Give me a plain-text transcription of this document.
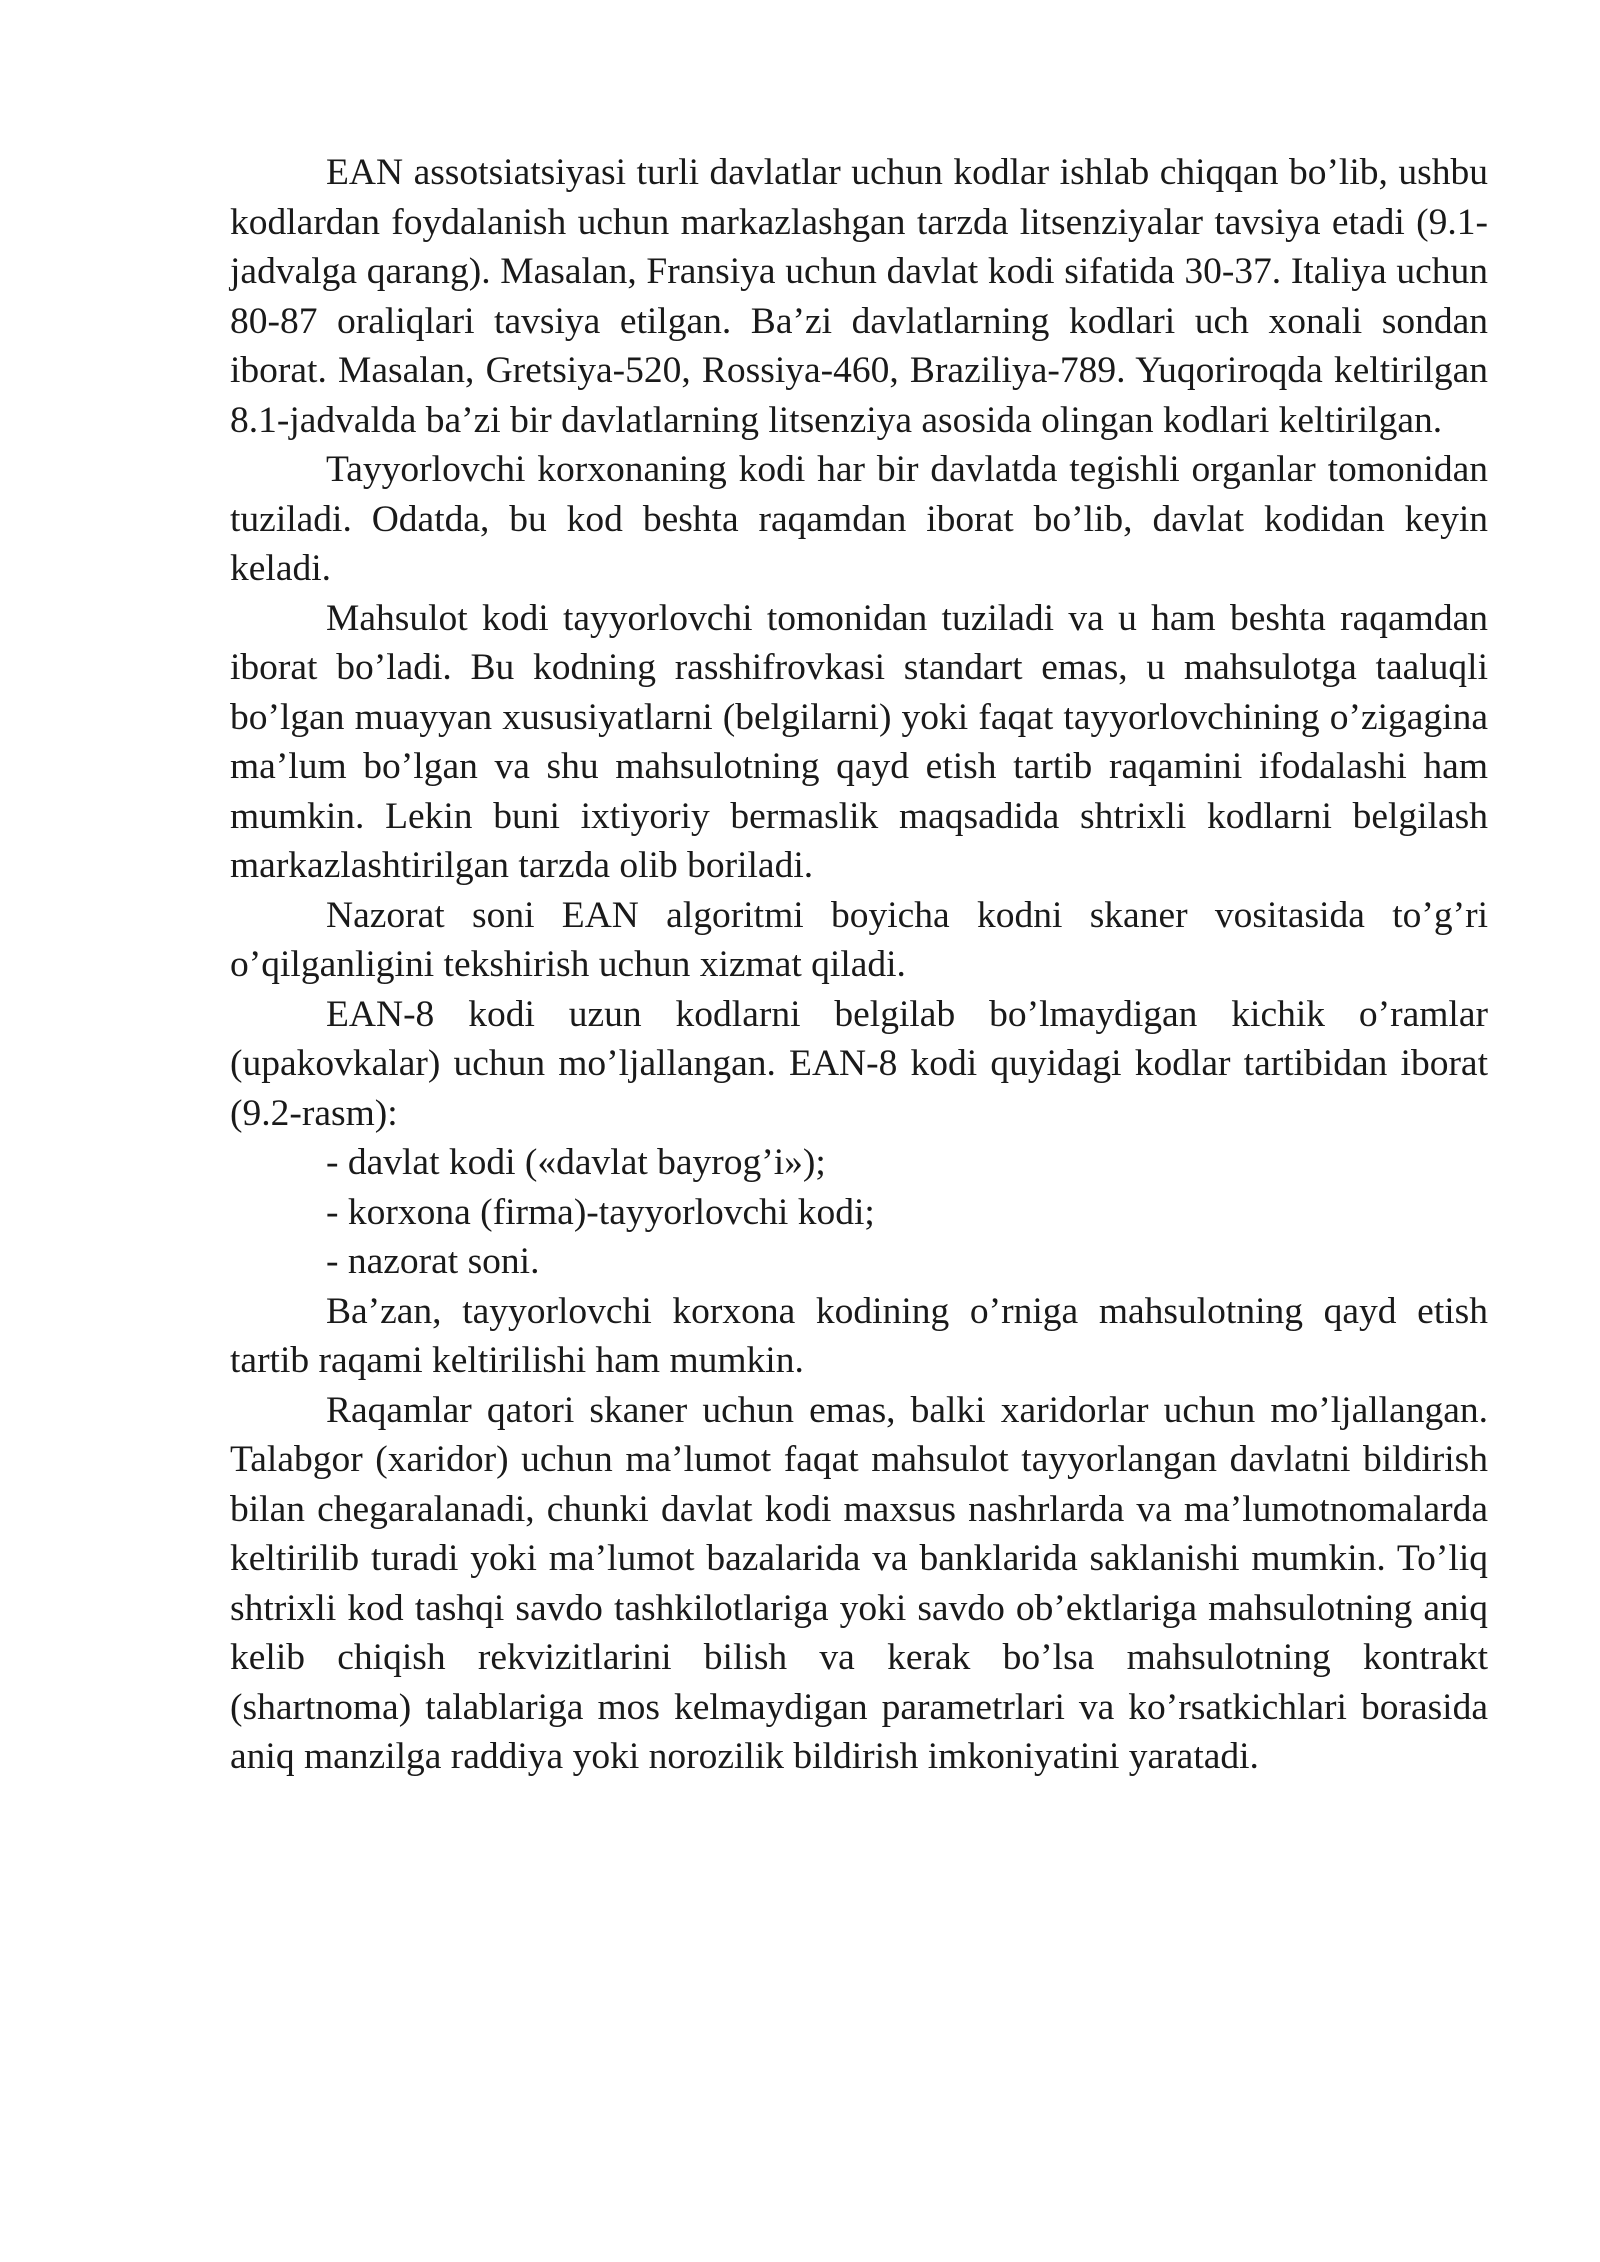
EAN assotsiatsiyasi turli davlatlar uchun kodlar ishlab chiqqan bo’lib, ushbu kodlardan foydalanish uchun markazlashgan tarzda litsenziyalar tavsiya etadi (9.1-jadvalga qarang). Masalan, Fransiya uchun davlat kodi sifatida 30-37. Italiya uchun 80-87 oraliqlari tavsiya etilgan. Ba’zi davlatlarning kodlari uch xonali sondan iborat. Masalan, Gretsiya-520, Rossiya-460, Braziliya-789. Yuqoriroqda keltirilgan 8.1-jadvalda ba’zi bir davlatlarning litsenziya asosida olingan kodlari keltirilgan.

Tayyorlovchi korxonaning kodi har bir davlatda tegishli organlar tomonidan tuziladi. Odatda, bu kod beshta raqamdan iborat bo’lib, davlat kodidan keyin keladi.

Mahsulot kodi tayyorlovchi tomonidan tuziladi va u ham beshta raqamdan iborat bo’ladi. Bu kodning rasshifrovkasi standart emas, u mahsulotga taaluqli bo’lgan muayyan xususiyatlarni (belgilarni) yoki faqat tayyorlovchining o’zigagina ma’lum bo’lgan va shu mahsulotning qayd etish tartib raqamini ifodalashi ham mumkin. Lekin buni ixtiyoriy bermaslik maqsadida shtrixli kodlarni belgilash markazlashtirilgan tarzda olib boriladi.

Nazorat soni EAN algoritmi boyicha kodni skaner vositasida to’g’ri o’qilganligini tekshirish uchun xizmat qiladi.

EAN-8 kodi uzun kodlarni belgilab bo’lmaydigan kichik o’ramlar (upakovkalar) uchun mo’ljallangan. EAN-8 kodi quyidagi kodlar tartibidan iborat (9.2-rasm):

- davlat kodi («davlat bayrog’i»);

- korxona (firma)-tayyorlovchi kodi;

- nazorat soni.

Ba’zan, tayyorlovchi korxona kodining o’rniga mahsulotning qayd etish tartib raqami keltirilishi ham mumkin.

Raqamlar qatori skaner uchun emas, balki xaridorlar uchun mo’ljallangan. Talabgor (xaridor) uchun ma’lumot faqat mahsulot tayyorlangan davlatni bildirish bilan chegaralanadi, chunki davlat kodi maxsus nashrlarda va ma’lumotnomalarda keltirilib turadi yoki ma’lumot bazalarida va banklarida saklanishi mumkin. To’liq shtrixli kod tashqi savdo tashkilotlariga yoki savdo ob’ektlariga mahsulotning aniq kelib chiqish rekvizitlarini bilish va kerak bo’lsa mahsulotning kontrakt (shartnoma) talablariga mos kelmaydigan parametrlari va ko’rsatkichlari borasida aniq manzilga raddiya yoki norozilik bildirish imkoniyatini yaratadi.
